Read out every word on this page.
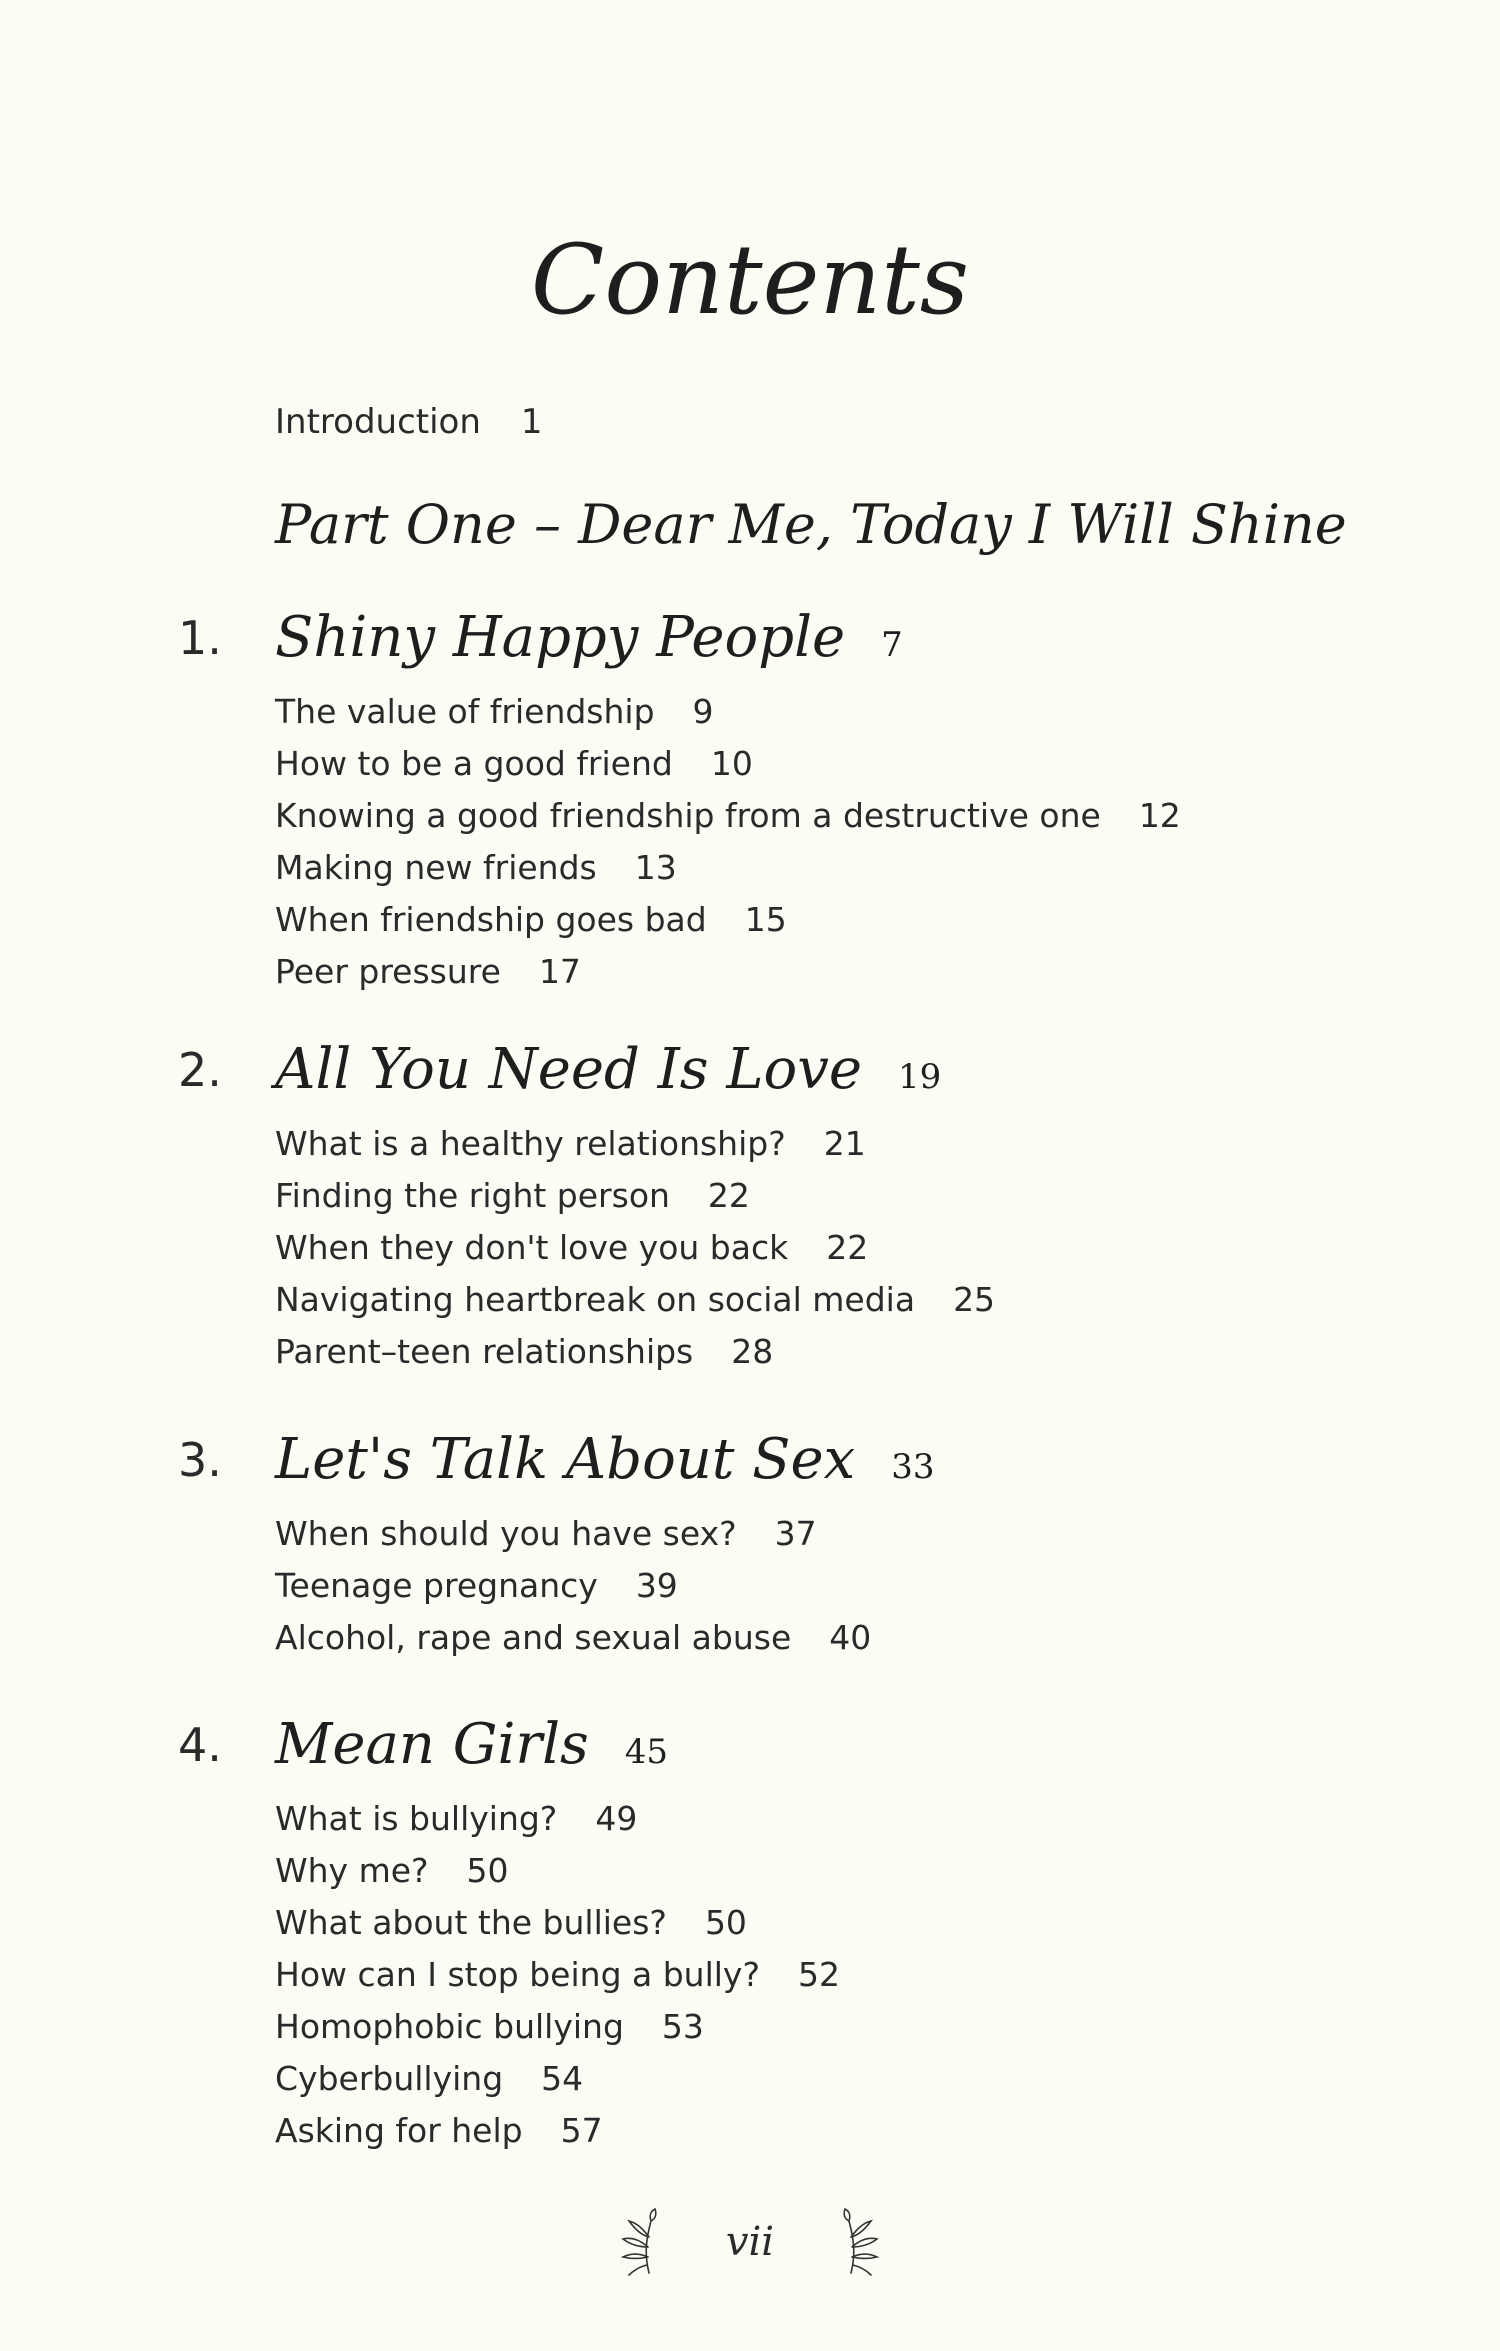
Contents
Introduction 1
Part One – Dear Me, Today I Will Shine
1. Shiny Happy People 7
The value of friendship 9
How to be a good friend 10
Knowing a good friendship from a destructive one 12
Making new friends 13
When friendship goes bad 15
Peer pressure 17
2. All You Need Is Love 19
What is a healthy relationship? 21
Finding the right person 22
When they don't love you back 22
Navigating heartbreak on social media 25
Parent–teen relationships 28
3. Let's Talk About Sex 33
When should you have sex? 37
Teenage pregnancy 39
Alcohol, rape and sexual abuse 40
4. Mean Girls 45
What is bullying? 49
Why me? 50
What about the bullies? 50
How can I stop being a bully? 52
Homophobic bullying 53
Cyberbullying 54
Asking for help 57
vii
